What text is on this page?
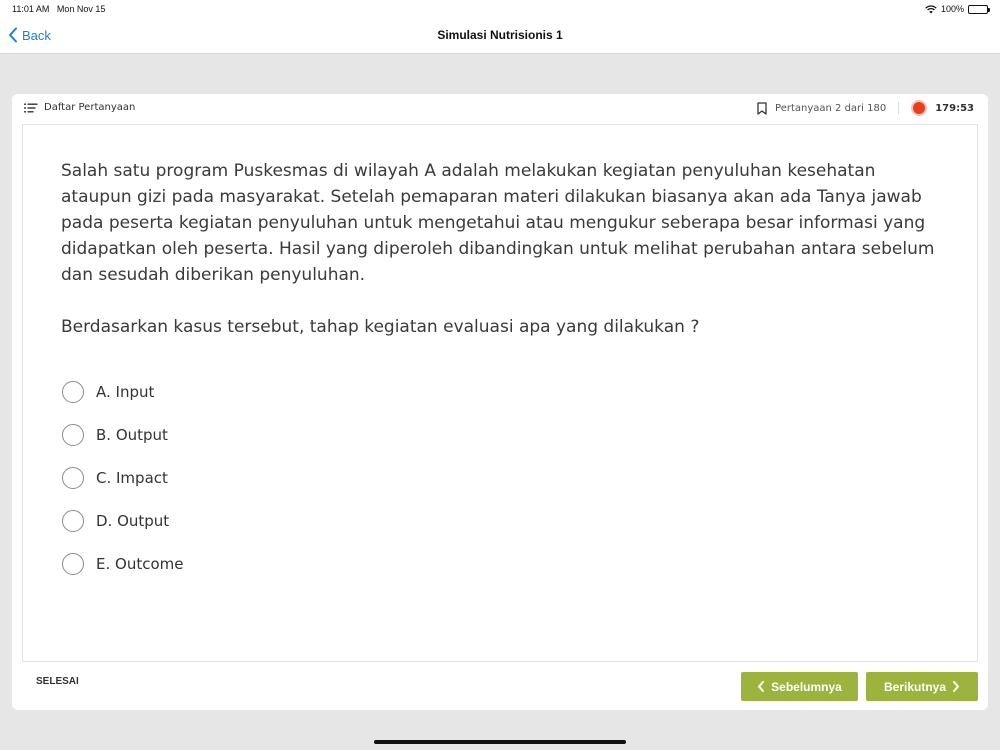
11:01 AM Mon Nov 15	100%
Back	Simulasi Nutrisionis 1
Daftar Pertanyaan	Pertanyaan 2 dari 180	179:53

Salah satu program Puskesmas di wilayah A adalah melakukan kegiatan penyuluhan kesehatan ataupun gizi pada masyarakat. Setelah pemaparan materi dilakukan biasanya akan ada Tanya jawab pada peserta kegiatan penyuluhan untuk mengetahui atau mengukur seberapa besar informasi yang didapatkan oleh peserta. Hasil yang diperoleh dibandingkan untuk melihat perubahan antara sebelum dan sesudah diberikan penyuluhan.

Berdasarkan kasus tersebut, tahap kegiatan evaluasi apa yang dilakukan ?

A. Input
B. Output
C. Impact
D. Output
E. Outcome
SELESAI	Sebelumnya	Berikutnya
